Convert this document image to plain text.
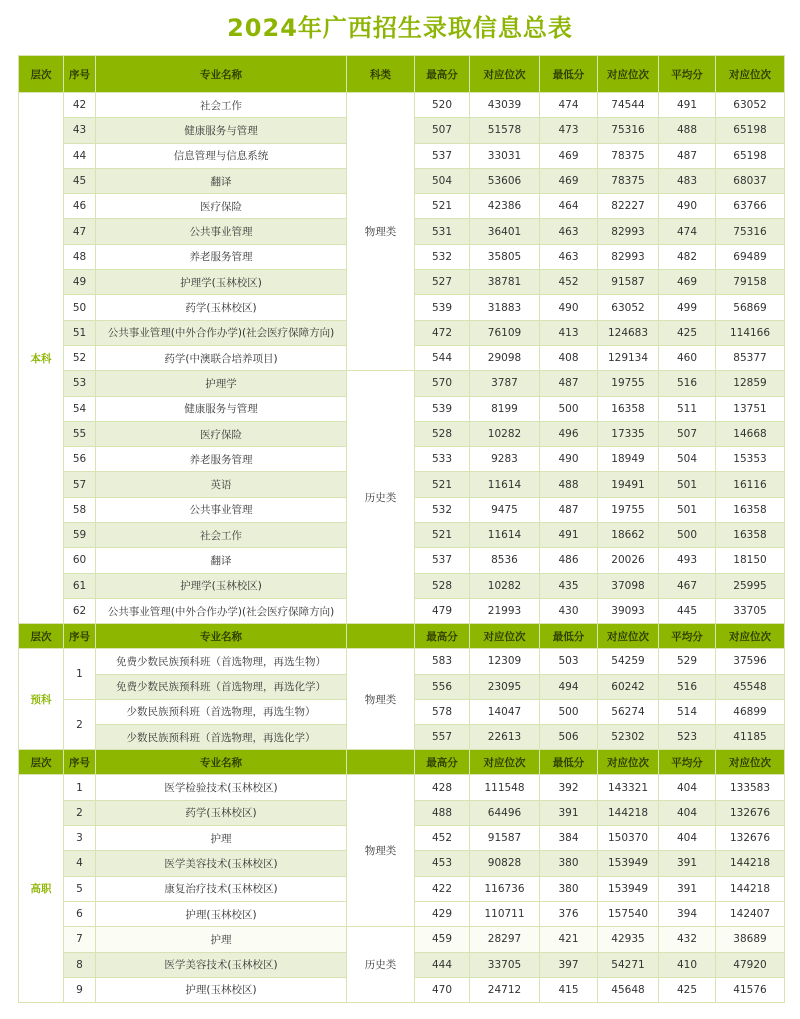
2024年广西招生录取信息总表
层次	序号	专业名称	科类	最高分	对应位次	最低分	对应位次	平均分	对应位次
本科	42	社会工作	物理类	520	43039	474	74544	491	63052
	43	健康服务与管理		507	51578	473	75316	488	65198
	44	信息管理与信息系统		537	33031	469	78375	487	65198
	45	翻译		504	53606	469	78375	483	68037
	46	医疗保险		521	42386	464	82227	490	63766
	47	公共事业管理		531	36401	463	82993	474	75316
	48	养老服务管理		532	35805	463	82993	482	69489
	49	护理学(玉林校区)		527	38781	452	91587	469	79158
	50	药学(玉林校区)		539	31883	490	63052	499	56869
	51	公共事业管理(中外合作办学)(社会医疗保障方向)		472	76109	413	124683	425	114166
	52	药学(中澳联合培养项目)		544	29098	408	129134	460	85377
	53	护理学	历史类	570	3787	487	19755	516	12859
	54	健康服务与管理		539	8199	500	16358	511	13751
	55	医疗保险		528	10282	496	17335	507	14668
	56	养老服务管理		533	9283	490	18949	504	15353
	57	英语		521	11614	488	19491	501	16116
	58	公共事业管理		532	9475	487	19755	501	16358
	59	社会工作		521	11614	491	18662	500	16358
	60	翻译		537	8536	486	20026	493	18150
	61	护理学(玉林校区)		528	10282	435	37098	467	25995
	62	公共事业管理(中外合作办学)(社会医疗保障方向)		479	21993	430	39093	445	33705
层次	序号	专业名称		最高分	对应位次	最低分	对应位次	平均分	对应位次
预科	1	免费少数民族预科班（首选物理，再选生物）	物理类	583	12309	503	54259	529	37596
		免费少数民族预科班（首选物理，再选化学）		556	23095	494	60242	516	45548
	2	少数民族预科班（首选物理，再选生物）		578	14047	500	56274	514	46899
		少数民族预科班（首选物理，再选化学）		557	22613	506	52302	523	41185
层次	序号	专业名称		最高分	对应位次	最低分	对应位次	平均分	对应位次
高职	1	医学检验技术(玉林校区)	物理类	428	111548	392	143321	404	133583
	2	药学(玉林校区)		488	64496	391	144218	404	132676
	3	护理		452	91587	384	150370	404	132676
	4	医学美容技术(玉林校区)		453	90828	380	153949	391	144218
	5	康复治疗技术(玉林校区)		422	116736	380	153949	391	144218
	6	护理(玉林校区)		429	110711	376	157540	394	142407
	7	护理	历史类	459	28297	421	42935	432	38689
	8	医学美容技术(玉林校区)		444	33705	397	54271	410	47920
	9	护理(玉林校区)		470	24712	415	45648	425	41576
